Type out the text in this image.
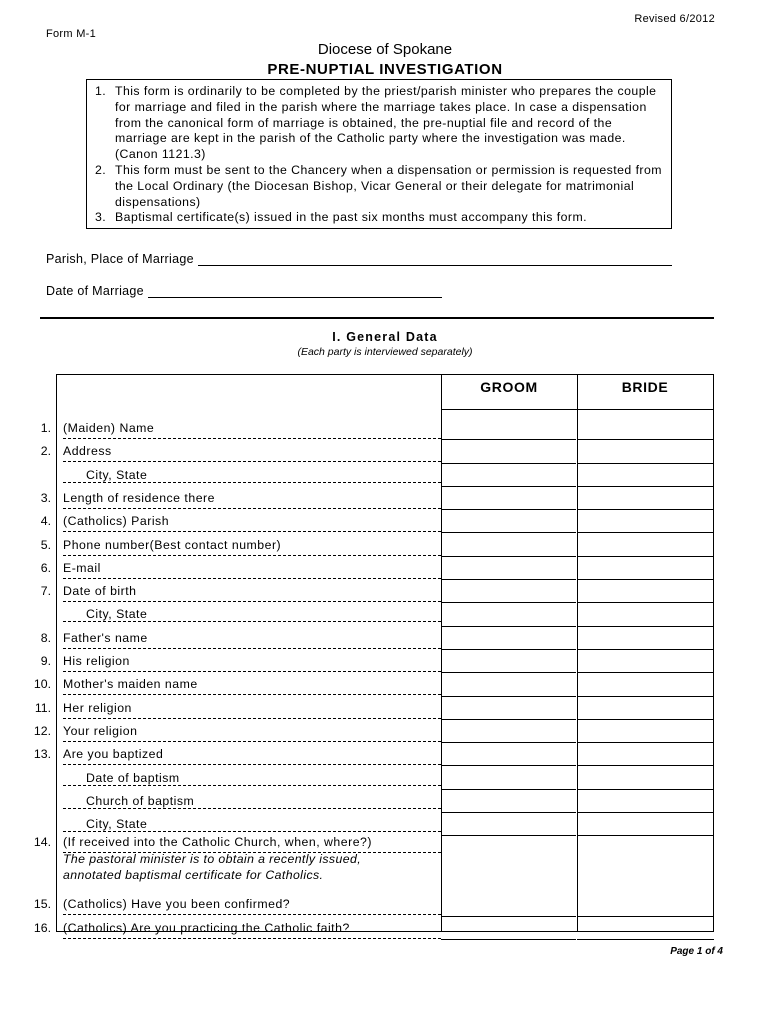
Revised 6/2012
Form M-1
Diocese of Spokane
PRE-NUPTIAL INVESTIGATION
1. This form is ordinarily to be completed by the priest/parish minister who prepares the couple for marriage and filed in the parish where the marriage takes place. In case a dispensation from the canonical form of marriage is obtained, the pre-nuptial file and record of the marriage are kept in the parish of the Catholic party where the investigation was made. (Canon 1121.3)
2. This form must be sent to the Chancery when a dispensation or permission is requested from the Local Ordinary (the Diocesan Bishop, Vicar General or their delegate for matrimonial dispensations)
3. Baptismal certificate(s) issued in the past six months must accompany this form.
Parish, Place of Marriage
Date of Marriage
I. General Data
(Each party is interviewed separately)
GROOM	BRIDE
1. (Maiden) Name
2. Address
City, State
3. Length of residence there
4. (Catholics) Parish
5. Phone number(Best contact number)
6. E-mail
7. Date of birth
City, State
8. Father's name
9. His religion
10. Mother's maiden name
11. Her religion
12. Your religion
13. Are you baptized
Date of baptism
Church of baptism
City, State
14. (If received into the Catholic Church, when, where?)
The pastoral minister is to obtain a recently issued, annotated baptismal certificate for Catholics.
15. (Catholics) Have you been confirmed?
16. (Catholics) Are you practicing the Catholic faith?
Page 1 of 4
